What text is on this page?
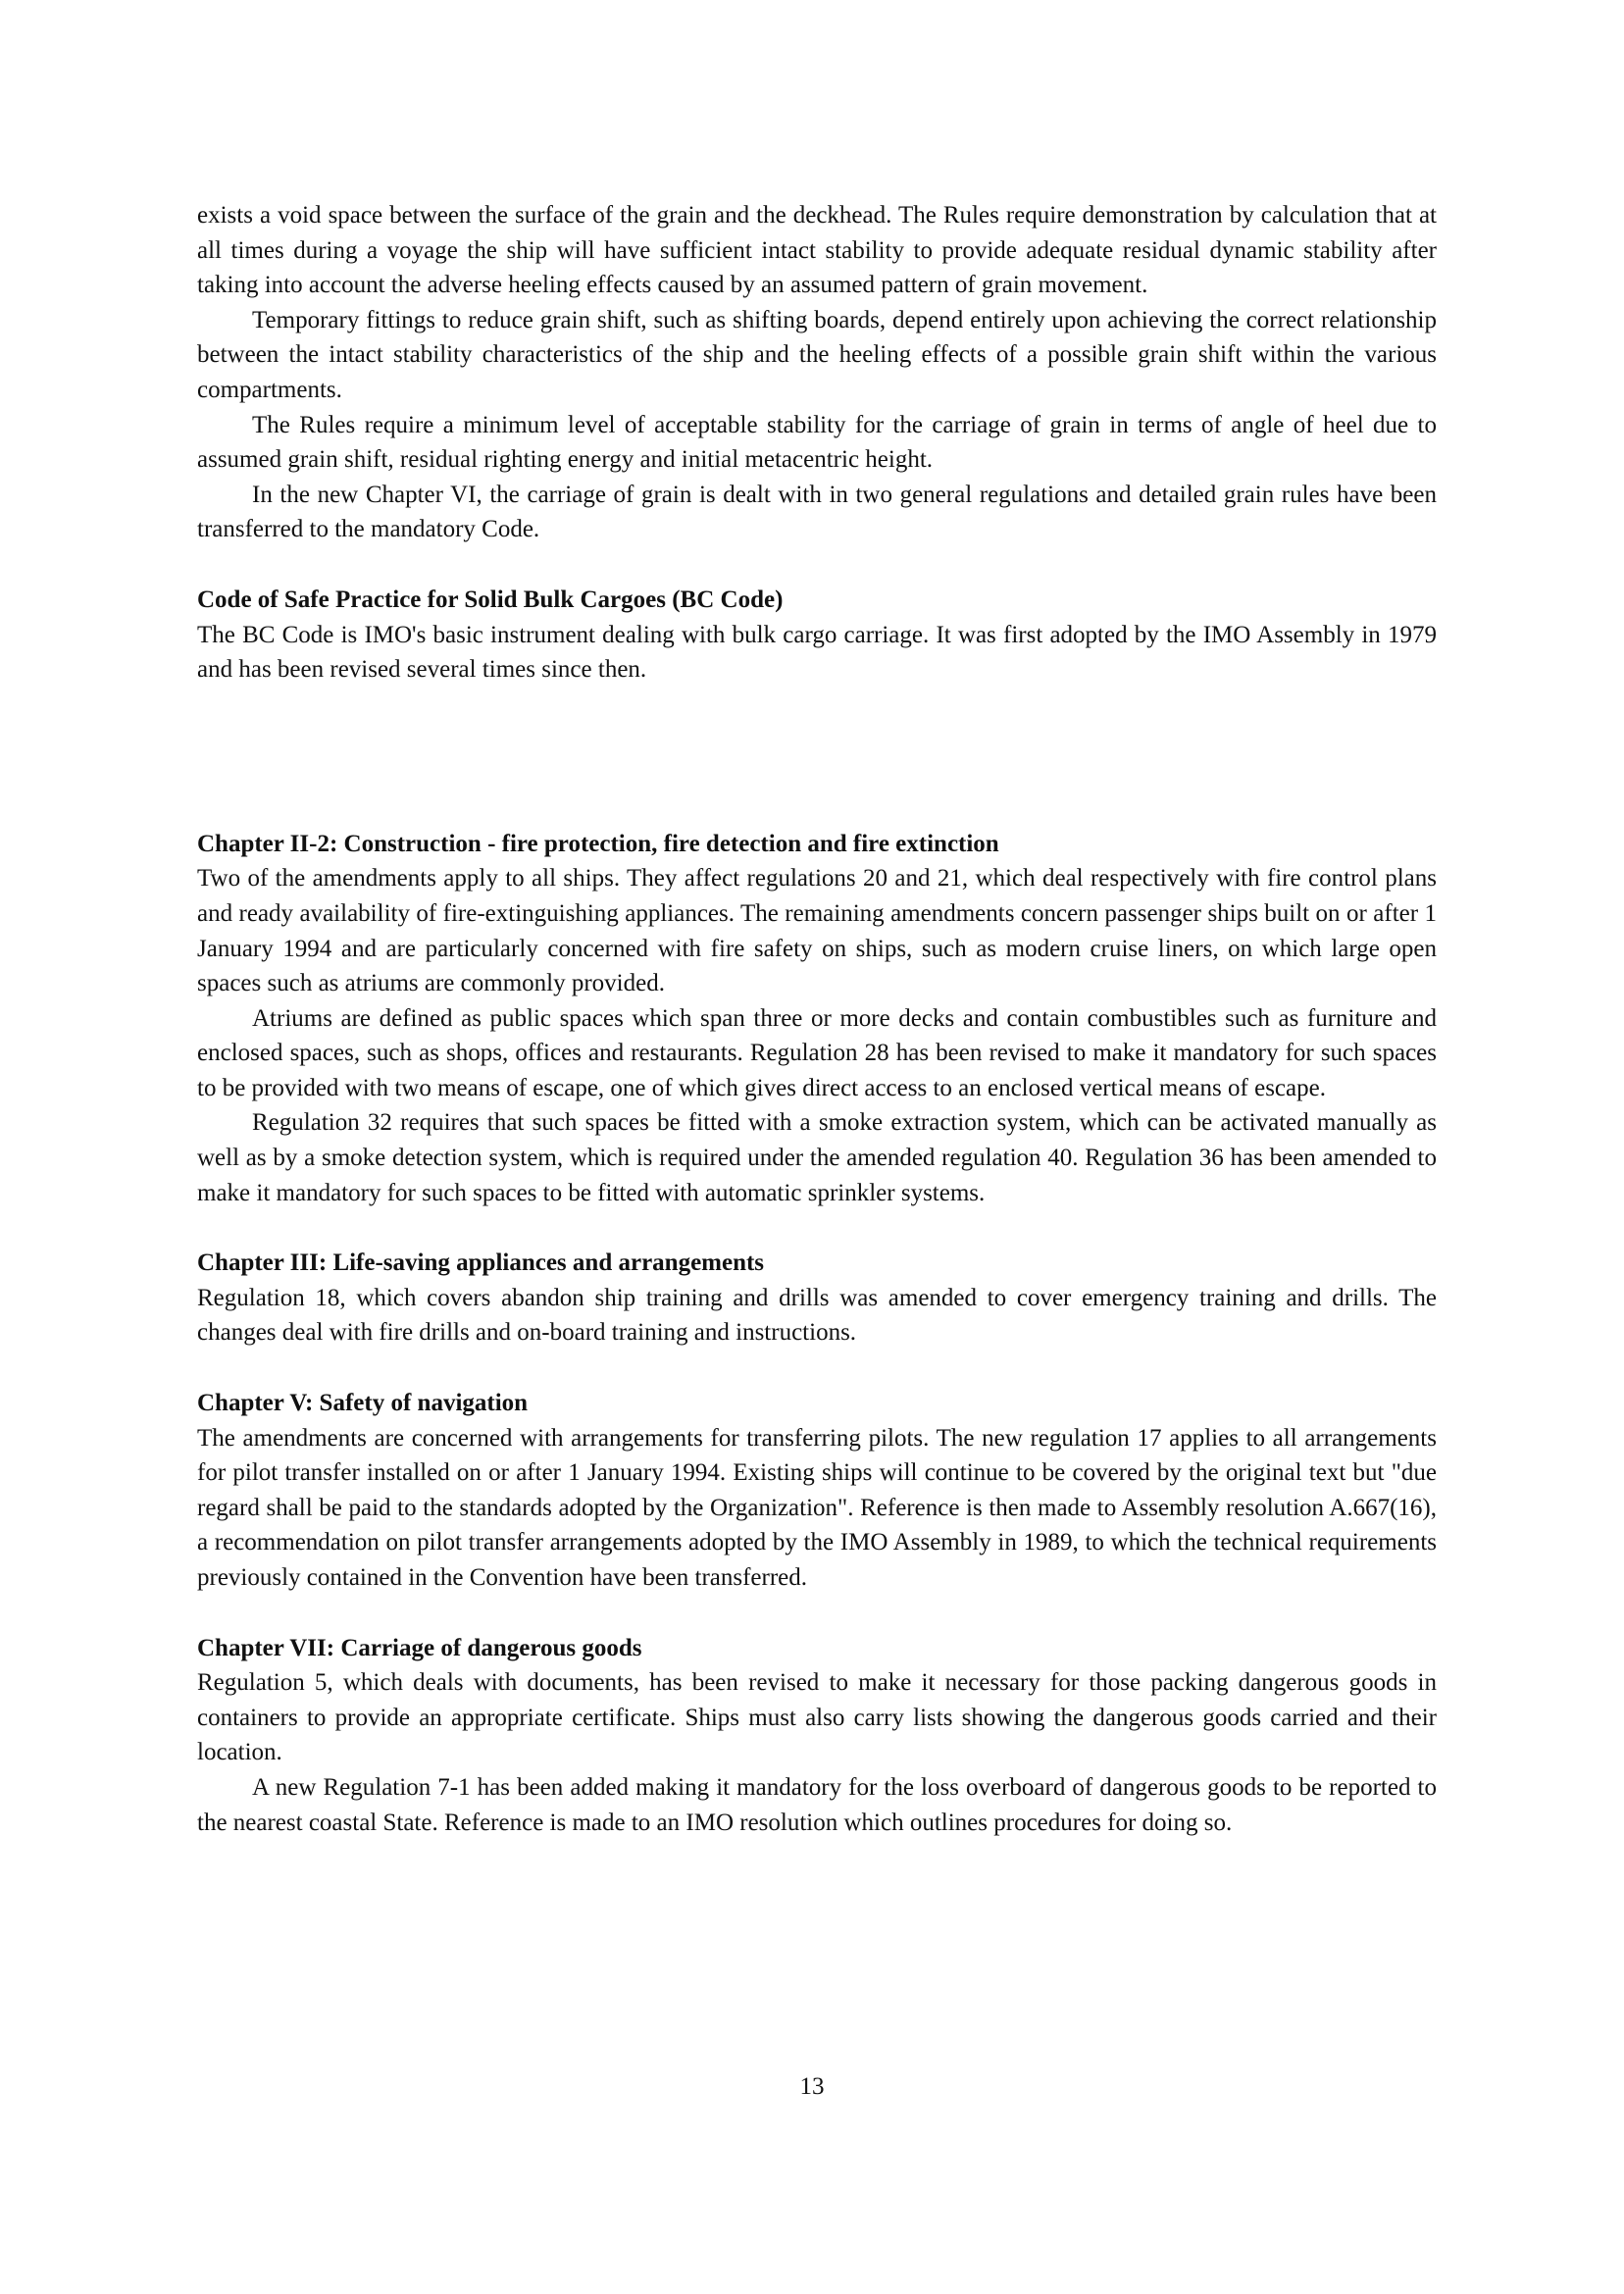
exists a void space between the surface of the grain and the deckhead. The Rules require demonstration by calculation that at all times during a voyage the ship will have sufficient intact stability to provide adequate residual dynamic stability after taking into account the adverse heeling effects caused by an assumed pattern of grain movement.

Temporary fittings to reduce grain shift, such as shifting boards, depend entirely upon achieving the correct relationship between the intact stability characteristics of the ship and the heeling effects of a possible grain shift within the various compartments.

The Rules require a minimum level of acceptable stability for the carriage of grain in terms of angle of heel due to assumed grain shift, residual righting energy and initial metacentric height.

In the new Chapter VI, the carriage of grain is dealt with in two general regulations and detailed grain rules have been transferred to the mandatory Code.

Code of Safe Practice for Solid Bulk Cargoes (BC Code)

The BC Code is IMO's basic instrument dealing with bulk cargo carriage. It was first adopted by the IMO Assembly in 1979 and has been revised several times since then.

Chapter II-2: Construction - fire protection, fire detection and fire extinction

Two of the amendments apply to all ships. They affect regulations 20 and 21, which deal respectively with fire control plans and ready availability of fire-extinguishing appliances. The remaining amendments concern passenger ships built on or after 1 January 1994 and are particularly concerned with fire safety on ships, such as modern cruise liners, on which large open spaces such as atriums are commonly provided.

Atriums are defined as public spaces which span three or more decks and contain combustibles such as furniture and enclosed spaces, such as shops, offices and restaurants. Regulation 28 has been revised to make it mandatory for such spaces to be provided with two means of escape, one of which gives direct access to an enclosed vertical means of escape.

Regulation 32 requires that such spaces be fitted with a smoke extraction system, which can be activated manually as well as by a smoke detection system, which is required under the amended regulation 40. Regulation 36 has been amended to make it mandatory for such spaces to be fitted with automatic sprinkler systems.

Chapter III: Life-saving appliances and arrangements

Regulation 18, which covers abandon ship training and drills was amended to cover emergency training and drills. The changes deal with fire drills and on-board training and instructions.

Chapter V: Safety of navigation

The amendments are concerned with arrangements for transferring pilots. The new regulation 17 applies to all arrangements for pilot transfer installed on or after 1 January 1994. Existing ships will continue to be covered by the original text but "due regard shall be paid to the standards adopted by the Organization". Reference is then made to Assembly resolution A.667(16), a recommendation on pilot transfer arrangements adopted by the IMO Assembly in 1989, to which the technical requirements previously contained in the Convention have been transferred.

Chapter VII: Carriage of dangerous goods

Regulation 5, which deals with documents, has been revised to make it necessary for those packing dangerous goods in containers to provide an appropriate certificate. Ships must also carry lists showing the dangerous goods carried and their location.

A new Regulation 7-1 has been added making it mandatory for the loss overboard of dangerous goods to be reported to the nearest coastal State. Reference is made to an IMO resolution which outlines procedures for doing so.

13
